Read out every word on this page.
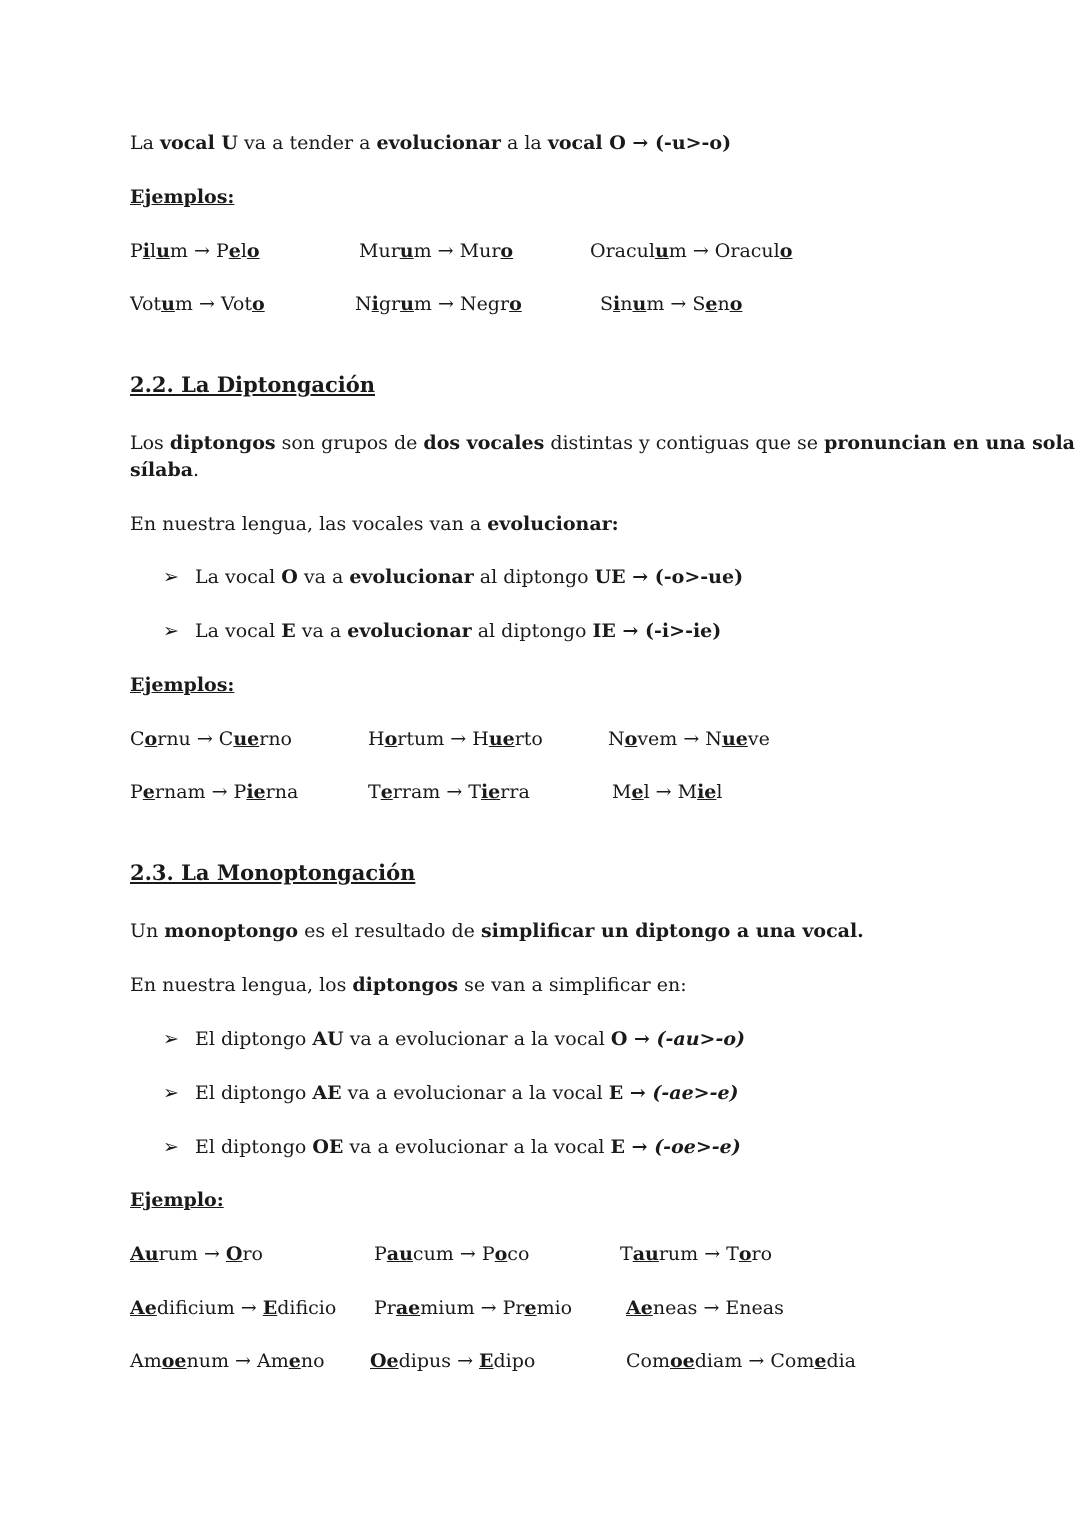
La vocal U va a tender a evolucionar a la vocal O → (-u>-o)
Ejemplos:
Pilum → Pelo	Murum → Muro	Oraculum → Oraculo
Votum → Voto	Nigrum → Negro	Sinum → Seno
2.2. La Diptongación
Los diptongos son grupos de dos vocales distintas y contiguas que se pronuncian en una sola
sílaba.
En nuestra lengua, las vocales van a evolucionar:
➢ La vocal O va a evolucionar al diptongo UE → (-o>-ue)
➢ La vocal E va a evolucionar al diptongo IE → (-i>-ie)
Ejemplos:
Cornu → Cuerno	Hortum → Huerto	Novem → Nueve
Pernam → Pierna	Terram → Tierra	Mel → Miel
2.3. La Monoptongación
Un monoptongo es el resultado de simplificar un diptongo a una vocal.
En nuestra lengua, los diptongos se van a simplificar en:
➢ El diptongo AU va a evolucionar a la vocal O → (-au>-o)
➢ El diptongo AE va a evolucionar a la vocal E → (-ae>-e)
➢ El diptongo OE va a evolucionar a la vocal E → (-oe>-e)
Ejemplo:
Aurum → Oro	Paucum → Poco	Taurum → Toro
Aedificium → Edificio Praemium → Premio	Aeneas → Eneas
Amoenum → Ameno Oedipus → Edipo	Comoediam → Comedia
